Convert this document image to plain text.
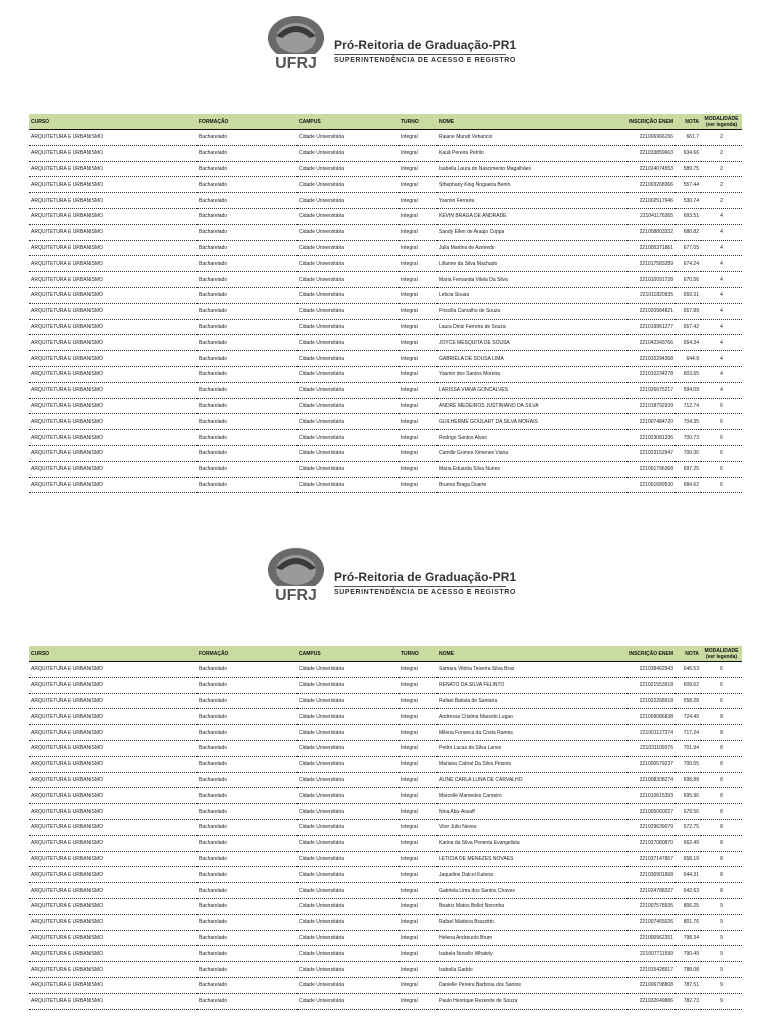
UFRJ
Pró-Reitoria de Graduação-PR1
SUPERINTENDÊNCIA DE ACESSO E REGISTRO
CURSO	FORMAÇÃO	CAMPUS	TURNO	NOME	INSCRIÇÃO ENEM	NOTA	MODALIDADE
(ver legenda)

ARQUITETURA E URBANISMO	Bacharelado	Cidade Universitária	Integral	Raiane Muratt Venancio	221006966156	661.7	2
ARQUITETURA E URBANISMO	Bacharelado	Cidade Universitária	Integral	Kauã Pereira Petrilo	221033859663	634.66	2
ARQUITETURA E URBANISMO	Bacharelado	Cidade Universitária	Integral	Isabella Laura do Nascimento Magalhães	221024074553	589.75	2
ARQUITETURA E URBANISMO	Bacharelado	Cidade Universitária	Integral	Sthephany King Nogueira Bento	221003268366	557.44	2
ARQUITETURA E URBANISMO	Bacharelado	Cidade Universitária	Integral	Yasmin Ferreira	221002517946	530.74	2
ARQUITETURA E URBANISMO	Bacharelado	Cidade Universitária	Integral	KEVIN BRAGA DE ANDRADE	221041176365	693.51	4
ARQUITETURA E URBANISMO	Bacharelado	Cidade Universitária	Integral	Sandy Ellen de Araújo Crippa	221008803332	680.82	4
ARQUITETURA E URBANISMO	Bacharelado	Cidade Universitária	Integral	Julia Martins de Azevedo	221005371861	677.05	4
ARQUITETURA E URBANISMO	Bacharelado	Cidade Universitária	Integral	Lilianne da Silva Machado	221017583289	674.24	4
ARQUITETURA E URBANISMO	Bacharelado	Cidade Universitária	Integral	Maria Fernanda Vilela Da Silva	221010091728	670.56	4
ARQUITETURA E URBANISMO	Bacharelado	Cidade Universitária	Integral	Leticia Sousa	221011820935	659.31	4
ARQUITETURA E URBANISMO	Bacharelado	Cidade Universitária	Integral	Priscilla Carvalho de Souza	221020984821	657.89	4
ARQUITETURA E URBANISMO	Bacharelado	Cidade Universitária	Integral	Laura Diniz Ferreira de Souza	221019961277	657.42	4
ARQUITETURA E URBANISMO	Bacharelado	Cidade Universitária	Integral	JOYCE MESQUITA DE SOUSA	221042343766	654.34	4
ARQUITETURA E URBANISMO	Bacharelado	Cidade Universitária	Integral	GABRIELA DE SOUSA LIMA	221015294368	644.9	4
ARQUITETURA E URBANISMO	Bacharelado	Cidade Universitária	Integral	Yasmin dos Santos Moreira	221010234278	603.65	4
ARQUITETURA E URBANISMO	Bacharelado	Cidade Universitária	Integral	LARISSA VIANA GONCALVES	221026675217	594.09	4
ARQUITETURA E URBANISMO	Bacharelado	Cidade Universitária	Integral	ANDRE MEDEIROS JUSTINIANO DA SILVA	221018792939	712.74	6
ARQUITETURA E URBANISMO	Bacharelado	Cidade Universitária	Integral	GUILHERME GOULART DA SILVA MORAIS	221007484720	704.35	6
ARQUITETURA E URBANISMO	Bacharelado	Cidade Universitária	Integral	Rodrigo Santos Alves	221023081336	700.73	6
ARQUITETURA E URBANISMO	Bacharelado	Cidade Universitária	Integral	Camille Gomes Ximenes Viana	221023152947	700.36	6
ARQUITETURA E URBANISMO	Bacharelado	Cidade Universitária	Integral	Maria Eduarda Silva Nunes	221001796368	697.25	6
ARQUITETURA E URBANISMO	Bacharelado	Cidade Universitária	Integral	Brunna Braga Duarte	221001689530	684.62	6
UFRJ
Pró-Reitoria de Graduação-PR1
SUPERINTENDÊNCIA DE ACESSO E REGISTRO
CURSO	FORMAÇÃO	CAMPUS	TURNO	NOME	INSCRIÇÃO ENEM	NOTA	MODALIDADE
(ver legenda)

ARQUITETURA E URBANISMO	Bacharelado	Cidade Universitária	Integral	Samara Vitória Teixeira Silva Braz	221038462943	646.53	6
ARQUITETURA E URBANISMO	Bacharelado	Cidade Universitária	Integral	RENATO DA SILVA FELINTO	221021553918	609.62	6
ARQUITETURA E URBANISMO	Bacharelado	Cidade Universitária	Integral	Rafael Batista de Santana	221022268918	558.28	6
ARQUITETURA E URBANISMO	Bacharelado	Cidade Universitária	Integral	Andressa Cristina Macedo Lugao	221009086838	724.49	8
ARQUITETURA E URBANISMO	Bacharelado	Cidade Universitária	Integral	Milena Fonseca da Costa Ramos	221001127374	717.24	8
ARQUITETURA E URBANISMO	Bacharelado	Cidade Universitária	Integral	Pedro Lucas da Silva Lanes	221031109376	701.94	8
ARQUITETURA E URBANISMO	Bacharelado	Cidade Universitária	Integral	Mariana Cabral Da Silva Peixoto	221000579237	700.55	8
ARQUITETURA E URBANISMO	Bacharelado	Cidade Universitária	Integral	ALINE CARLA LUNA DE CARVALHO	221008308274	698.88	8
ARQUITETURA E URBANISMO	Bacharelado	Cidade Universitária	Integral	Marcelle Mamedes Carneiro	221010615393	695.96	8
ARQUITETURA E URBANISMO	Bacharelado	Cidade Universitária	Integral	Nina Abu-Assaff	221005060027	678.56	8
ARQUITETURA E URBANISMO	Bacharelado	Cidade Universitária	Integral	Vitor Julio Neves	221029639079	672.75	8
ARQUITETURA E URBANISMO	Bacharelado	Cidade Universitária	Integral	Karina da Silva Pimenta Evangelista	221027080870	662.49	8
ARQUITETURA E URBANISMO	Bacharelado	Cidade Universitária	Integral	LETICIA DE MENEZES NOVAES	221037147867	658.19	8
ARQUITETURA E URBANISMO	Bacharelado	Cidade Universitária	Integral	Jaqueline Dalcol Katona	221036901868	644.31	8
ARQUITETURA E URBANISMO	Bacharelado	Cidade Universitária	Integral	Gabriela Lima dos Santos Chaves	221024788327	642.63	8
ARQUITETURA E URBANISMO	Bacharelado	Cidade Universitária	Integral	Beatriz Matos Bellot Noronha	221007578935	806.25	9
ARQUITETURA E URBANISMO	Bacharelado	Cidade Universitária	Integral	Rafael Madeira Brazzitto	221007465026	801.76	9
ARQUITETURA E URBANISMO	Bacharelado	Cidade Universitária	Integral	Helena Andreuolo Brum	221000962251	798.34	9
ARQUITETURA E URBANISMO	Bacharelado	Cidade Universitária	Integral	Isabela Novello Whately	221007711599	790.49	9
ARQUITETURA E URBANISMO	Bacharelado	Cidade Universitária	Integral	Isabella Gaddo	221015428917	788.08	9
ARQUITETURA E URBANISMO	Bacharelado	Cidade Universitária	Integral	Danielle Pereira Barbosa dos Santos	221006798808	787.51	9
ARQUITETURA E URBANISMO	Bacharelado	Cidade Universitária	Integral	Paulo Henrique Rezende de Souza	221032049886	782.73	9
